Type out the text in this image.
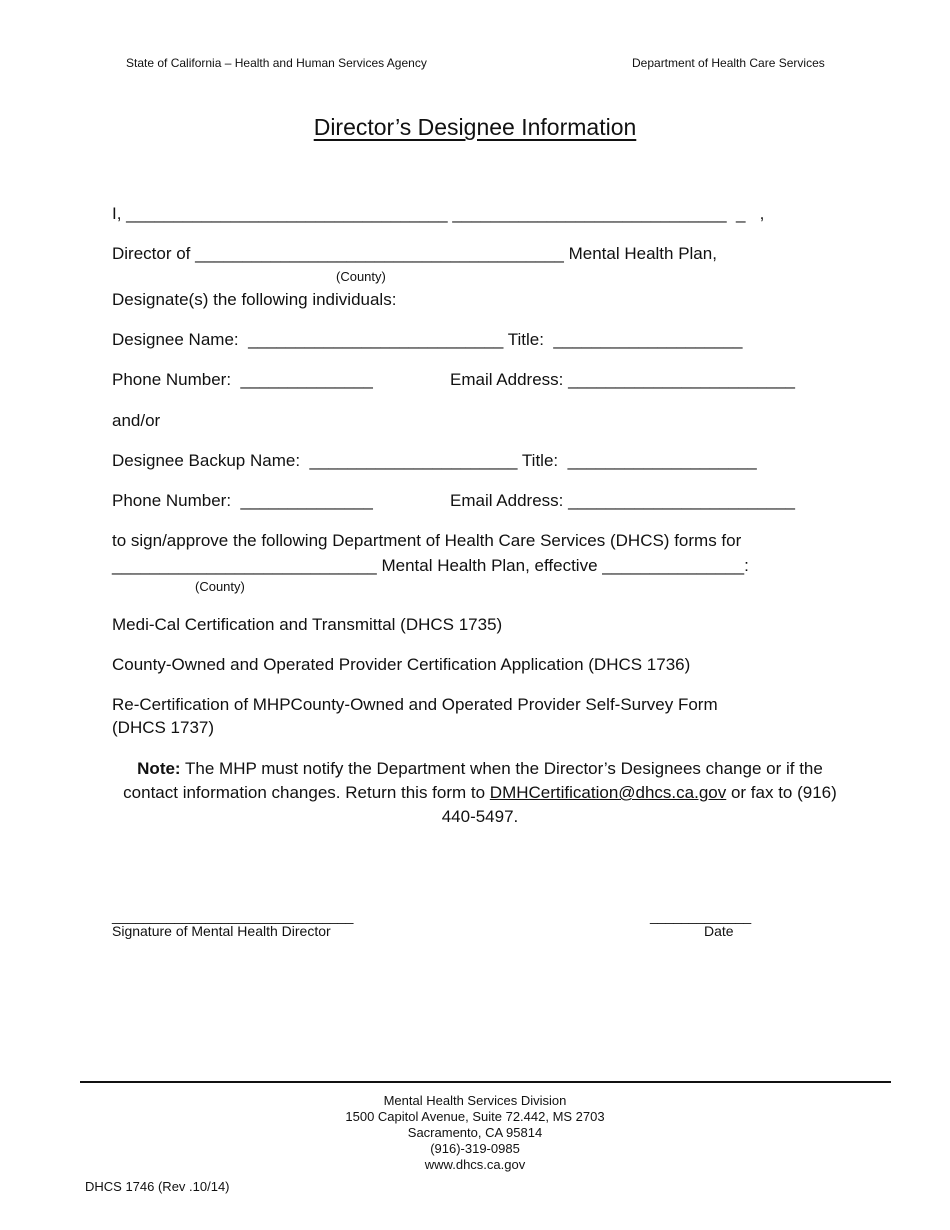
State of California – Health and Human Services Agency	Department of Health Care Services
Director’s Designee Information
I, __________________________________ _____________________________  _   ,
Director of _______________________________________ Mental Health Plan,
(County)
Designate(s) the following individuals:
Designee Name:  ___________________________ Title:  ____________________
Phone Number:  ______________	Email Address: ________________________
and/or
Designee Backup Name:  ______________________ Title:  ____________________
Phone Number:  ______________	Email Address: ________________________
to sign/approve the following Department of Health Care Services (DHCS) forms for
____________________________ Mental Health Plan, effective _______________:
(County)
Medi-Cal Certification and Transmittal (DHCS 1735)
County-Owned and Operated Provider Certification Application (DHCS 1736)
Re-Certification of MHPCounty-Owned and Operated Provider Self-Survey Form
(DHCS 1737)
Note: The MHP must notify the Department when the Director’s Designees change or if the contact information changes. Return this form to DMHCertification@dhcs.ca.gov or fax to (916) 440-5497.
_______________________________
Signature of Mental Health Director
_____________
Date
Mental Health Services Division
1500 Capitol Avenue, Suite 72.442, MS 2703
Sacramento, CA 95814
(916)-319-0985
www.dhcs.ca.gov
DHCS 1746 (Rev .10/14)
